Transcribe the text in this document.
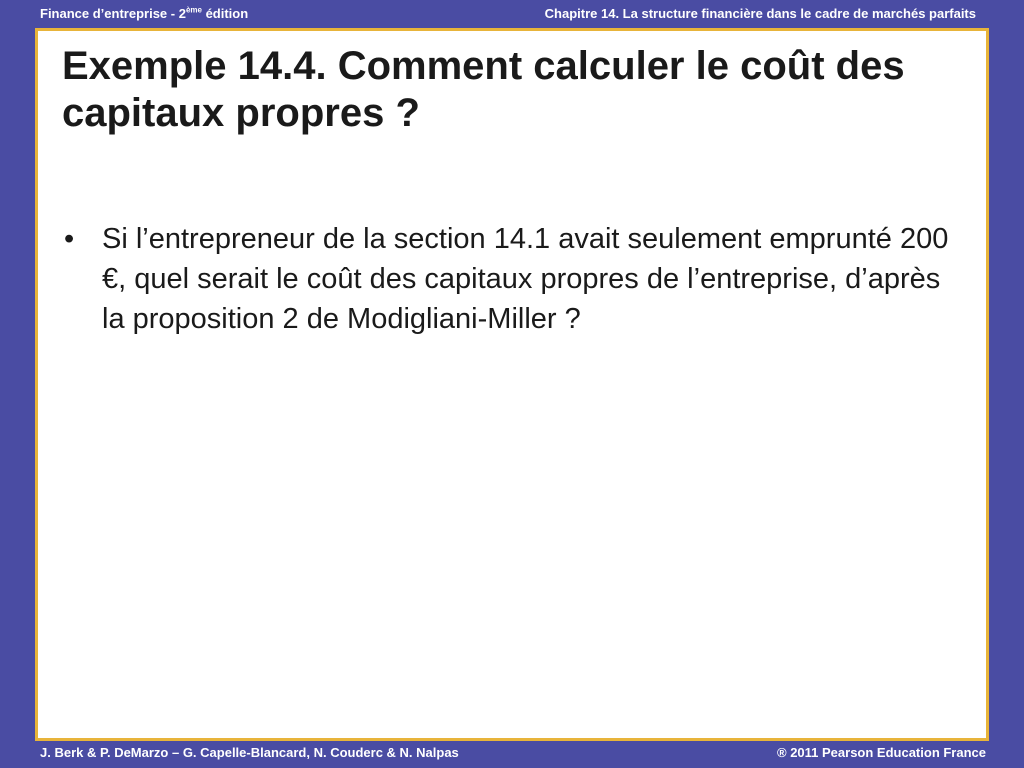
Finance d’entreprise - 2ème édition	Chapitre 14. La structure financière dans le cadre de marchés parfaits
Exemple 14.4. Comment calculer le coût des capitaux propres ?
• Si l’entrepreneur de la section 14.1 avait seulement emprunté 200 €, quel serait le coût des capitaux propres de l’entreprise, d’après la proposition 2 de Modigliani-Miller ?
J. Berk & P. DeMarzo – G. Capelle-Blancard, N. Couderc & N. Nalpas	® 2011 Pearson Education France
